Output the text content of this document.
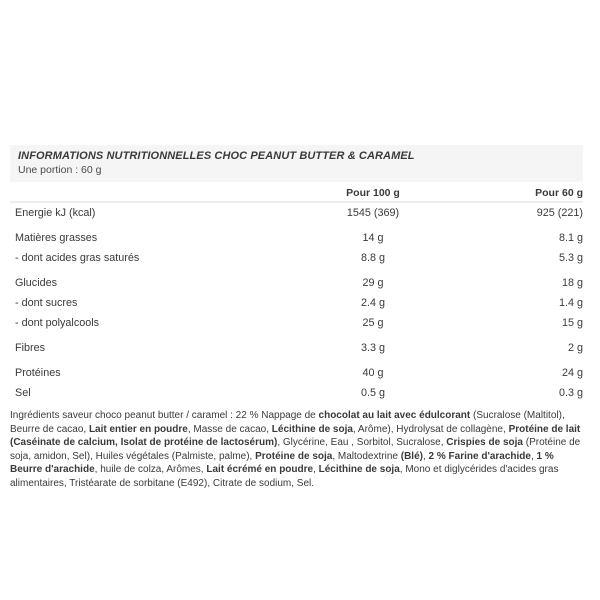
INFORMATIONS NUTRITIONNELLES CHOC PEANUT BUTTER & CARAMEL

Une portion : 60 g

Pour 100 g	Pour 60 g
Energie kJ (kcal)	1545 (369)	925 (221)
Matières grasses	14 g	8.1 g
- dont acides gras saturés	8.8 g	5.3 g
Glucides	29 g	18 g
- dont sucres	2.4 g	1.4 g
- dont polyalcools	25 g	15 g
Fibres	3.3 g	2 g
Protéines	40 g	24 g
Sel	0.5 g	0.3 g

Ingrédients saveur choco peanut butter / caramel : 22 % Nappage de chocolat au lait avec édulcorant (Sucralose (Maltitol), Beurre de cacao, Lait entier en poudre, Masse de cacao, Lécithine de soja, Arôme), Hydrolysat de collagène, Protéine de lait (Caséinate de calcium, Isolat de protéine de lactosérum), Glycérine, Eau , Sorbitol, Sucralose, Crispies de soja (Protéine de soja, amidon, Sel), Huiles végétales (Palmiste, palme), Protéine de soja, Maltodextrine (Blé), 2 % Farine d'arachide, 1 % Beurre d'arachide, huile de colza, Arômes, Lait écrémé en poudre, Lécithine de soja, Mono et diglycérides d'acides gras alimentaires, Tristéarate de sorbitane (E492), Citrate de sodium, Sel.
